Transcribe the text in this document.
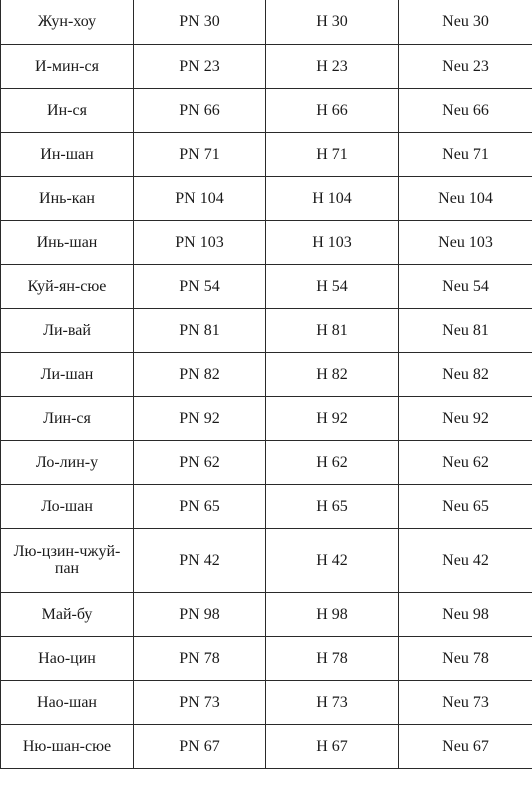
Жун-хоу	PN 30	H 30	Neu 30
И-мин-ся	PN 23	H 23	Neu 23
Ин-ся	PN 66	H 66	Neu 66
Ин-шан	PN 71	H 71	Neu 71
Инь-кан	PN 104	H 104	Neu 104
Инь-шан	PN 103	H 103	Neu 103
Куй-ян-сюе	PN 54	H 54	Neu 54
Ли-вай	PN 81	H 81	Neu 81
Ли-шан	PN 82	H 82	Neu 82
Лин-ся	PN 92	H 92	Neu 92
Ло-лин-у	PN 62	H 62	Neu 62
Ло-шан	PN 65	H 65	Neu 65
Лю-цзин-чжуй-пан	PN 42	H 42	Neu 42
Май-бу	PN 98	H 98	Neu 98
Нао-цин	PN 78	H 78	Neu 78
Нао-шан	PN 73	H 73	Neu 73
Ню-шан-сюе	PN 67	H 67	Neu 67
